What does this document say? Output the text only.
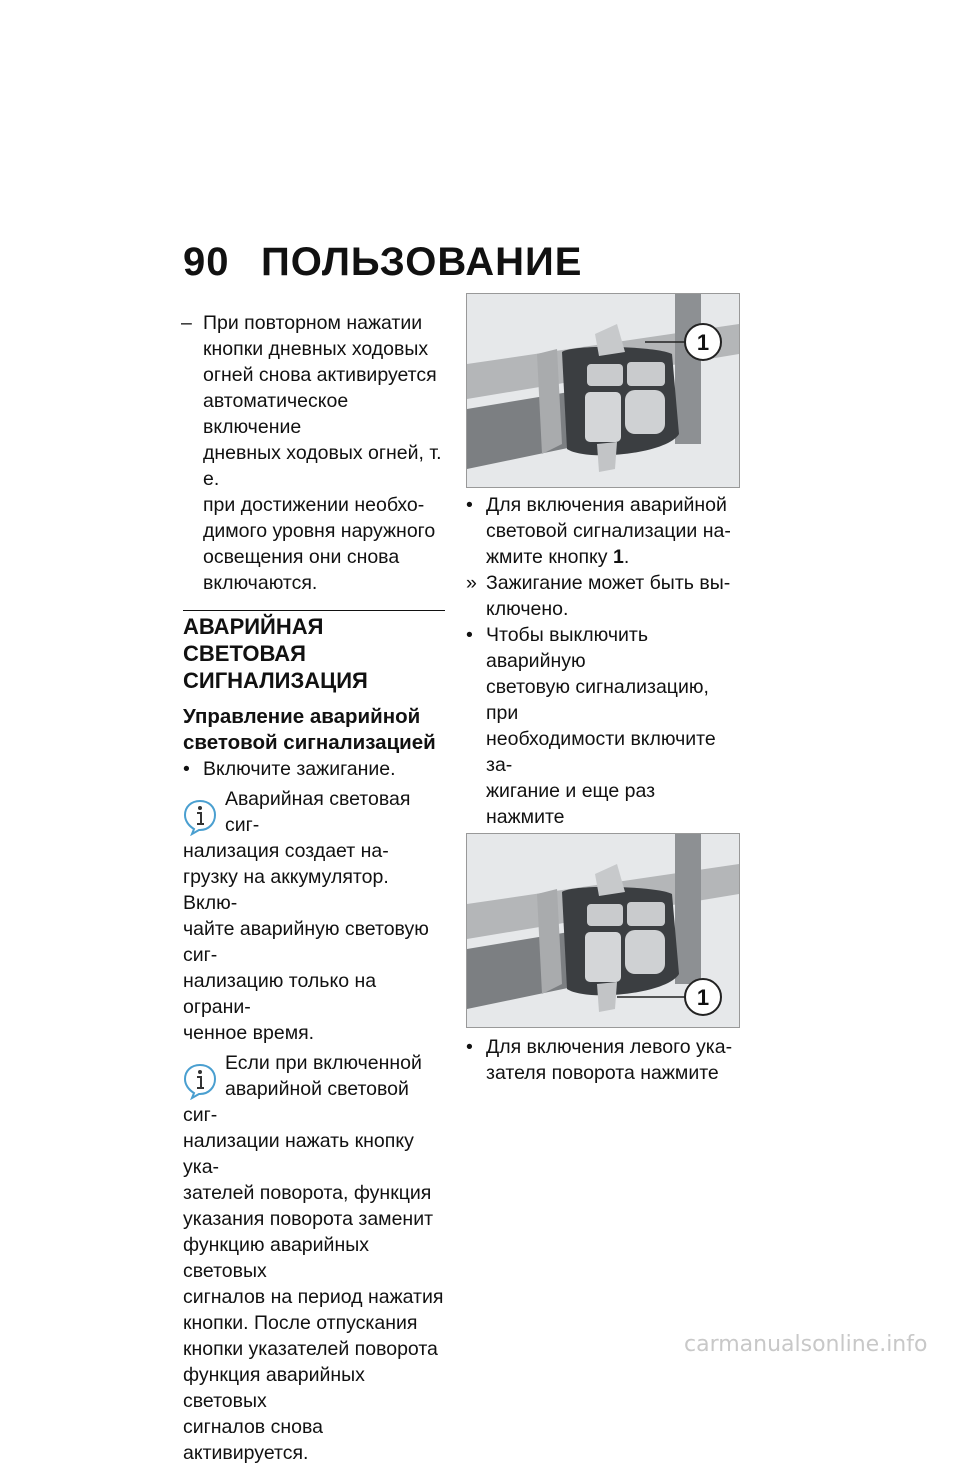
90 ПОЛЬЗОВАНИЕ
– При повторном нажатии

кнопки дневных ходовых

огней снова активируется

автоматическое включение

дневных ходовых огней, т. е.

при достижении необхо-

димого уровня наружного

освещения они снова

включаются.

АВАРИЙНАЯ СВЕТОВАЯ

СИГНАЛИЗАЦИЯ

Управление аварийной

световой сигнализацией

• Включите зажигание.

Аварийная световая сиг-

нализация создает на-

грузку на аккумулятор. Вклю-

чайте аварийную световую сиг-

нализацию только на ограни-

ченное время.

Если при включенной

аварийной световой сиг-

нализации нажать кнопку ука-

зателей поворота, функция

указания поворота заменит

функцию аварийных световых

сигналов на период нажатия

кнопки. После отпускания

кнопки указателей поворота

функция аварийных световых

сигналов снова активируется.

1
• Для включения аварийной

световой сигнализации на-

жмите кнопку 1.

» Зажигание может быть вы-

ключено.

• Чтобы выключить аварийную

световую сигнализацию, при

необходимости включите за-

жигание и еще раз нажмите

1
• Для включения левого ука-

зателя поворота нажмите

carmanualsonline.info
